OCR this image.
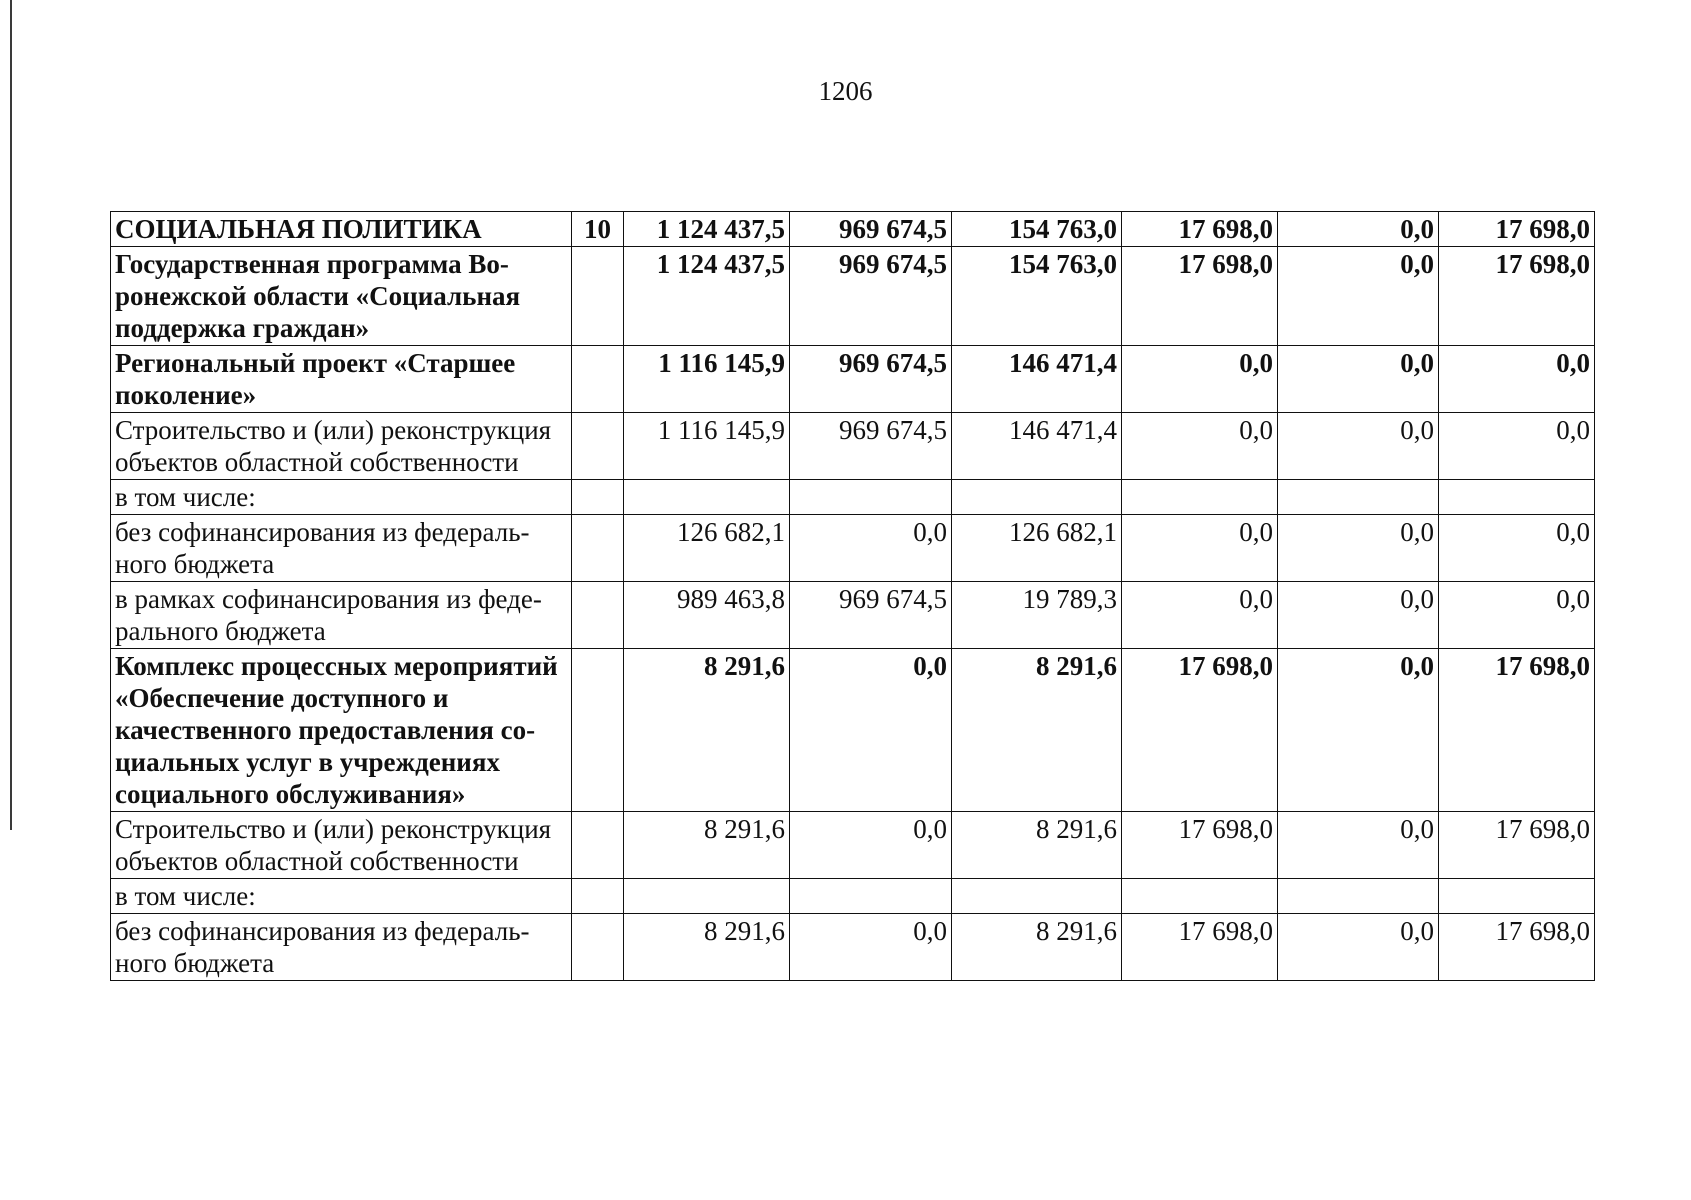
1206
СОЦИАЛЬНАЯ ПОЛИТИКА	10	1 124 437,5	969 674,5	154 763,0	17 698,0	0,0	17 698,0
Государственная программа Воронежской области «Социальная поддержка граждан»		1 124 437,5	969 674,5	154 763,0	17 698,0	0,0	17 698,0
Региональный проект «Старшее поколение»		1 116 145,9	969 674,5	146 471,4	0,0	0,0	0,0
Строительство и (или) реконструкция объектов областной собственности		1 116 145,9	969 674,5	146 471,4	0,0	0,0	0,0
в том числе:							
без софинансирования из федерального бюджета		126 682,1	0,0	126 682,1	0,0	0,0	0,0
в рамках софинансирования из федерального бюджета		989 463,8	969 674,5	19 789,3	0,0	0,0	0,0
Комплекс процессных мероприятий «Обеспечение доступного и качественного предоставления социальных услуг в учреждениях социального обслуживания»		8 291,6	0,0	8 291,6	17 698,0	0,0	17 698,0
Строительство и (или) реконструкция объектов областной собственности		8 291,6	0,0	8 291,6	17 698,0	0,0	17 698,0
в том числе:							
без софинансирования из федерального бюджета		8 291,6	0,0	8 291,6	17 698,0	0,0	17 698,0
